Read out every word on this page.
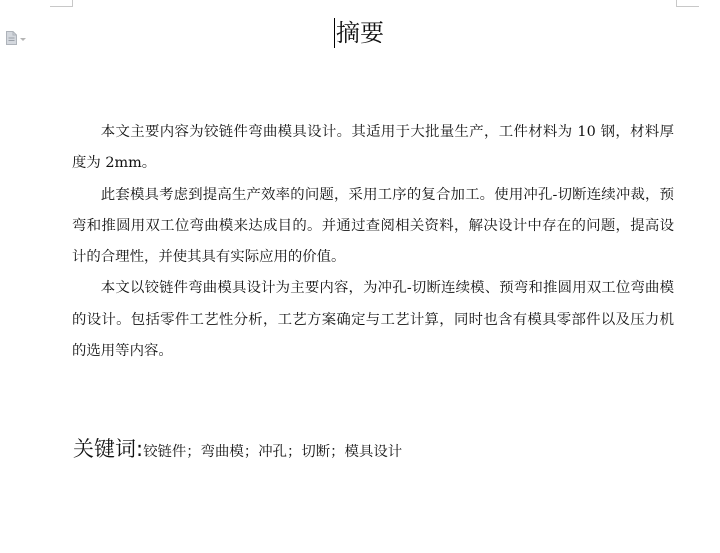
摘要

本文主要内容为铰链件弯曲模具设计。其适用于大批量生产，工件材料为 10 钢，材料厚度为 2mm。

此套模具考虑到提高生产效率的问题，采用工序的复合加工。使用冲孔-切断连续冲裁，预弯和推圆用双工位弯曲模来达成目的。并通过查阅相关资料，解决设计中存在的问题，提高设计的合理性，并使其具有实际应用的价值。

本文以铰链件弯曲模具设计为主要内容，为冲孔-切断连续模、预弯和推圆用双工位弯曲模的设计。包括零件工艺性分析，工艺方案确定与工艺计算，同时也含有模具零部件以及压力机的选用等内容。

关键词:铰链件；弯曲模；冲孔；切断；模具设计
